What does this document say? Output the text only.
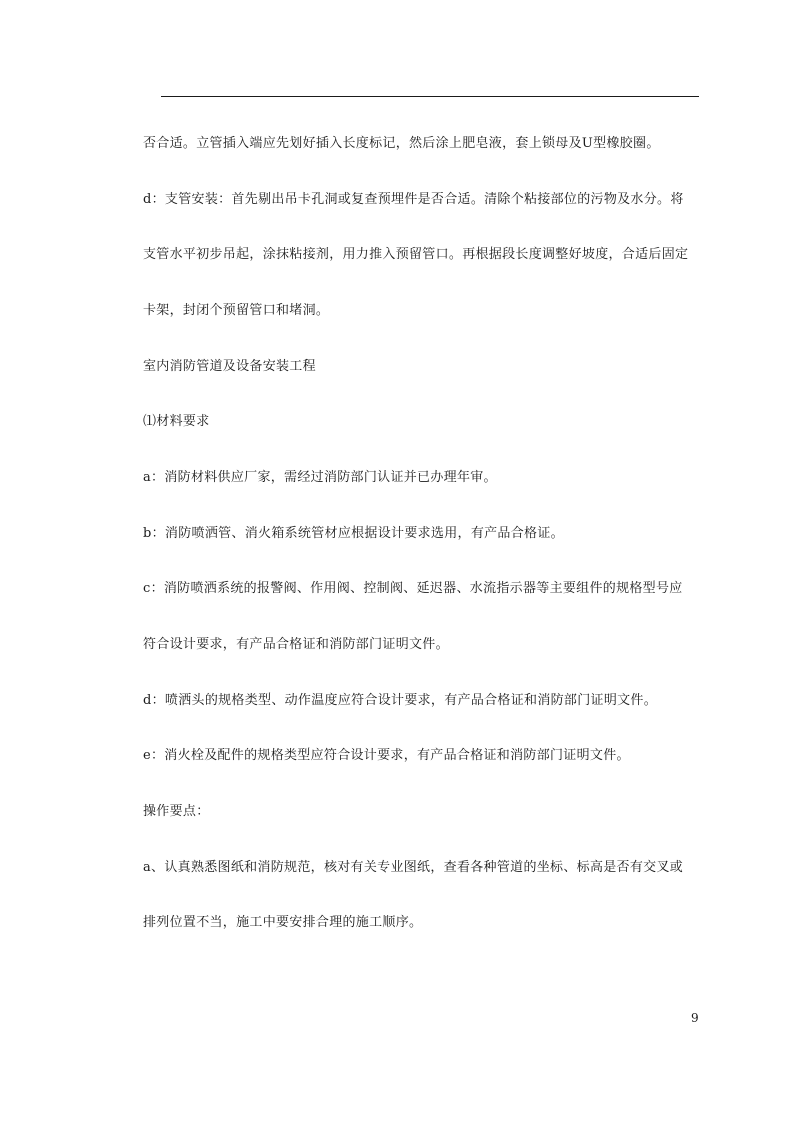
否合适。立管插入端应先划好插入长度标记，然后涂上肥皂液，套上锁母及U型橡胶圈。
d：支管安装：首先剔出吊卡孔洞或复查预埋件是否合适。清除个粘接部位的污物及水分。将
支管水平初步吊起，涂抹粘接剂，用力推入预留管口。再根据段长度调整好坡度，合适后固定
卡架，封闭个预留管口和堵洞。
室内消防管道及设备安装工程
⑴材料要求
a：消防材料供应厂家，需经过消防部门认证并已办理年审。
b：消防喷洒管、消火箱系统管材应根据设计要求选用，有产品合格证。
c：消防喷洒系统的报警阀、作用阀、控制阀、延迟器、水流指示器等主要组件的规格型号应
符合设计要求，有产品合格证和消防部门证明文件。
d：喷洒头的规格类型、动作温度应符合设计要求，有产品合格证和消防部门证明文件。
e：消火栓及配件的规格类型应符合设计要求，有产品合格证和消防部门证明文件。
操作要点：
a、认真熟悉图纸和消防规范，核对有关专业图纸，查看各种管道的坐标、标高是否有交叉或
排列位置不当，施工中要安排合理的施工顺序。
9
